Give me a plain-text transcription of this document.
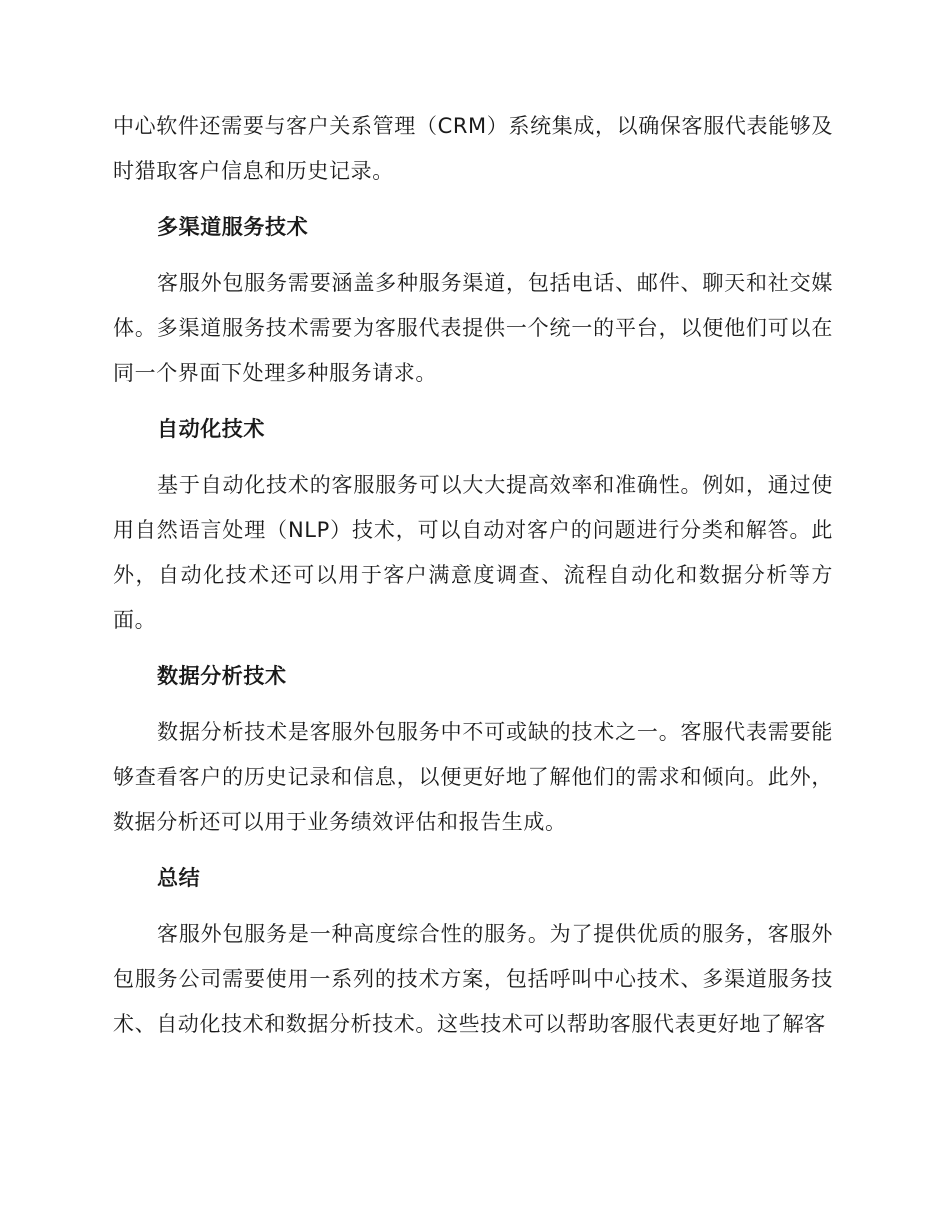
中心软件还需要与客户关系管理（CRM）系统集成，以确保客服代表能够及时猎取客户信息和历史记录。

多渠道服务技术

客服外包服务需要涵盖多种服务渠道，包括电话、邮件、聊天和社交媒体。多渠道服务技术需要为客服代表提供一个统一的平台，以便他们可以在同一个界面下处理多种服务请求。

自动化技术

基于自动化技术的客服服务可以大大提高效率和准确性。例如，通过使用自然语言处理（NLP）技术，可以自动对客户的问题进行分类和解答。此外，自动化技术还可以用于客户满意度调查、流程自动化和数据分析等方面。

数据分析技术

数据分析技术是客服外包服务中不可或缺的技术之一。客服代表需要能够查看客户的历史记录和信息，以便更好地了解他们的需求和倾向。此外，数据分析还可以用于业务绩效评估和报告生成。

总结

客服外包服务是一种高度综合性的服务。为了提供优质的服务，客服外包服务公司需要使用一系列的技术方案，包括呼叫中心技术、多渠道服务技术、自动化技术和数据分析技术。这些技术可以帮助客服代表更好地了解客
